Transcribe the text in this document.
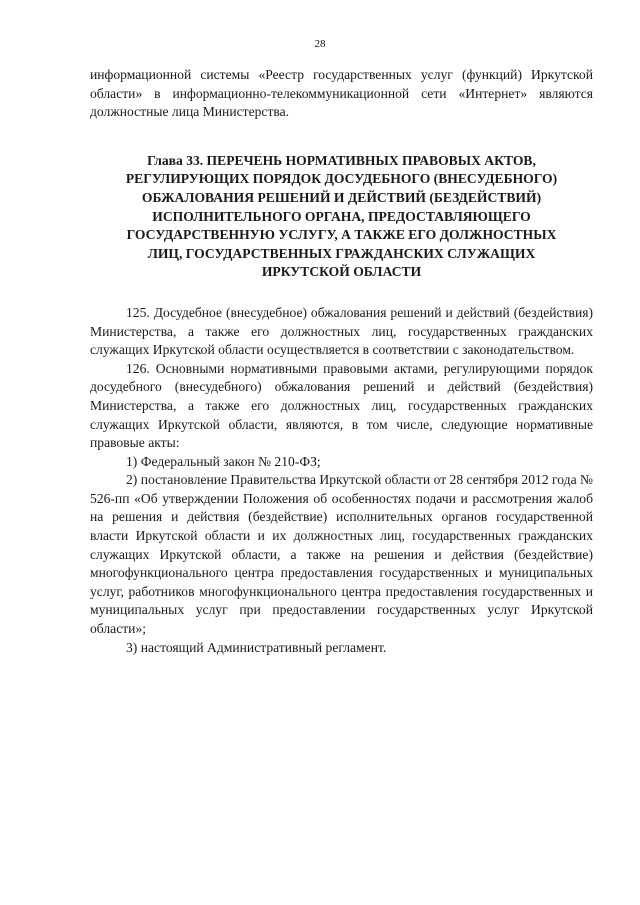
28

информационной системы «Реестр государственных услуг (функций) Иркутской области» в информационно-телекоммуникационной сети «Интернет» являются должностные лица Министерства.

Глава 33. ПЕРЕЧЕНЬ НОРМАТИВНЫХ ПРАВОВЫХ АКТОВ,
РЕГУЛИРУЮЩИХ ПОРЯДОК ДОСУДЕБНОГО (ВНЕСУДЕБНОГО)
ОБЖАЛОВАНИЯ РЕШЕНИЙ И ДЕЙСТВИЙ (БЕЗДЕЙСТВИЙ)
ИСПОЛНИТЕЛЬНОГО ОРГАНА, ПРЕДОСТАВЛЯЮЩЕГО
ГОСУДАРСТВЕННУЮ УСЛУГУ, А ТАКЖЕ ЕГО ДОЛЖНОСТНЫХ
ЛИЦ, ГОСУДАРСТВЕННЫХ ГРАЖДАНСКИХ СЛУЖАЩИХ
ИРКУТСКОЙ ОБЛАСТИ

125. Досудебное (внесудебное) обжалования решений и действий (бездействия) Министерства, а также его должностных лиц, государственных гражданских служащих Иркутской области осуществляется в соответствии с законодательством.

126. Основными нормативными правовыми актами, регулирующими порядок досудебного (внесудебного) обжалования решений и действий (бездействия) Министерства, а также его должностных лиц, государственных гражданских служащих Иркутской области, являются, в том числе, следующие нормативные правовые акты:

1) Федеральный закон № 210-ФЗ;

2) постановление Правительства Иркутской области от 28 сентября 2012 года № 526-пп «Об утверждении Положения об особенностях подачи и рассмотрения жалоб на решения и действия (бездействие) исполнительных органов государственной власти Иркутской области и их должностных лиц, государственных гражданских служащих Иркутской области, а также на решения и действия (бездействие) многофункционального центра предоставления государственных и муниципальных услуг, работников многофункционального центра предоставления государственных и муниципальных услуг при предоставлении государственных услуг Иркутской области»;

3) настоящий Административный регламент.
